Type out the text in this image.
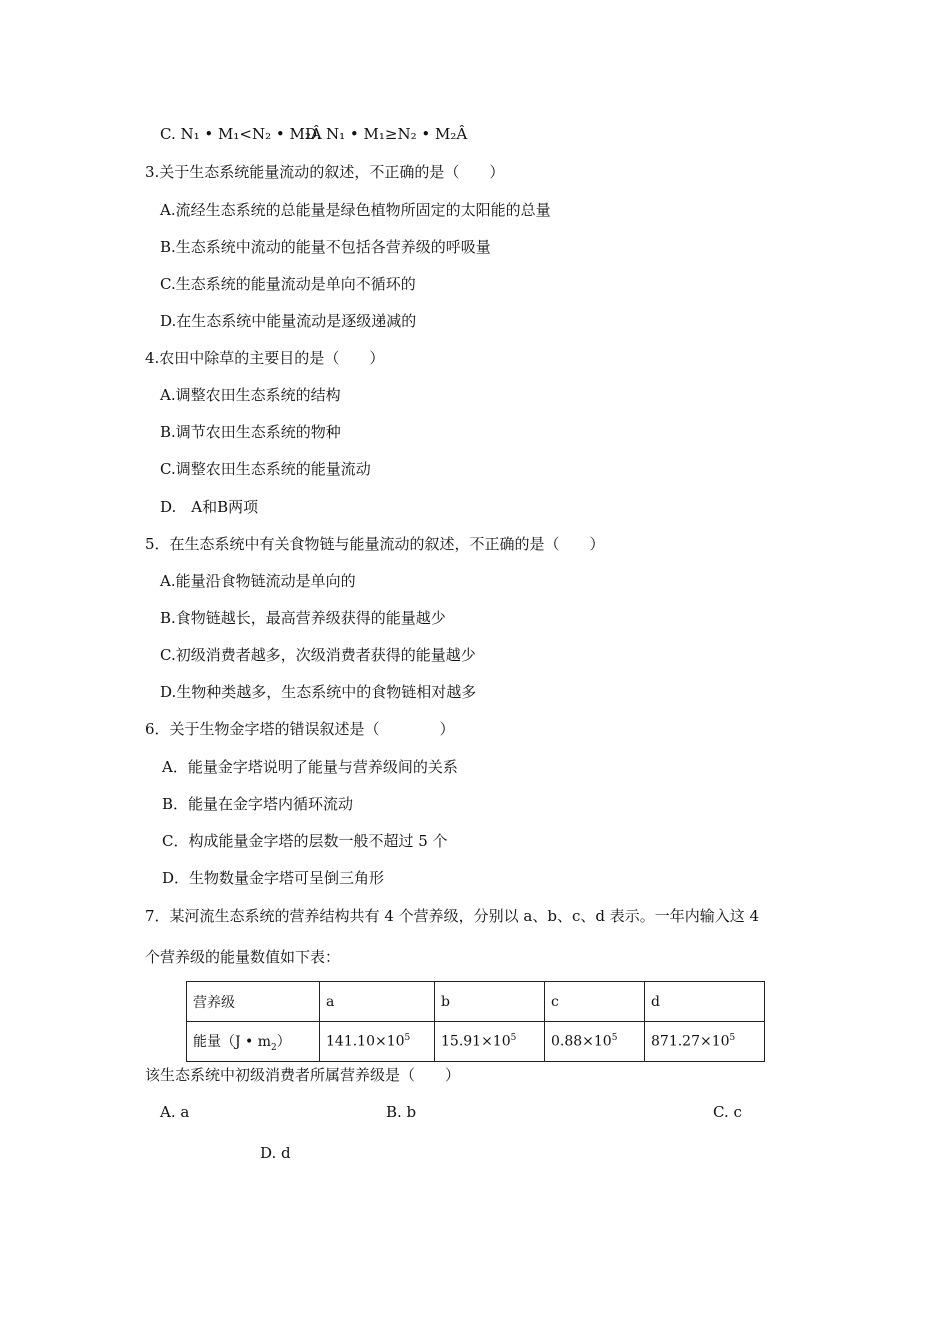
C. N₁ • M₁<N₂ • M₂Â
D. N₁ • M₁≥N₂ • M₂Â
3.关于生态系统能量流动的叙述，不正确的是（　　）
A.流经生态系统的总能量是绿色植物所固定的太阳能的总量
B.生态系统中流动的能量不包括各营养级的呼吸量
C.生态系统的能量流动是单向不循环的
D.在生态系统中能量流动是逐级递减的
4.农田中除草的主要目的是（　　）
A.调整农田生态系统的结构
B.调节农田生态系统的物种
C.调整农田生态系统的能量流动
D.　A和B两项
5．在生态系统中有关食物链与能量流动的叙述，不正确的是（　　）
A.能量沿食物链流动是单向的
B.食物链越长，最高营养级获得的能量越少
C.初级消费者越多，次级消费者获得的能量越少
D.生物种类越多，生态系统中的食物链相对越多
6．关于生物金字塔的错误叙述是（　　　　）
A．能量金字塔说明了能量与营养级间的关系
B．能量在金字塔内循环流动
C．构成能量金字塔的层数一般不超过 5 个
D．生物数量金字塔可呈倒三角形
7．某河流生态系统的营养结构共有 4 个营养级，分别以 a、b、c、d 表示。一年内输入这 4
个营养级的能量数值如下表：
营养级	a	b	c	d
能量（J • $m_2$）	$141.10\times 10^5$	$15.91\times 10^5$	$0.88\times 10^5$	$871.27\times 10^5$
该生态系统中初级消费者所属营养级是（　　）
A. a	B. b	C. c
D. d
